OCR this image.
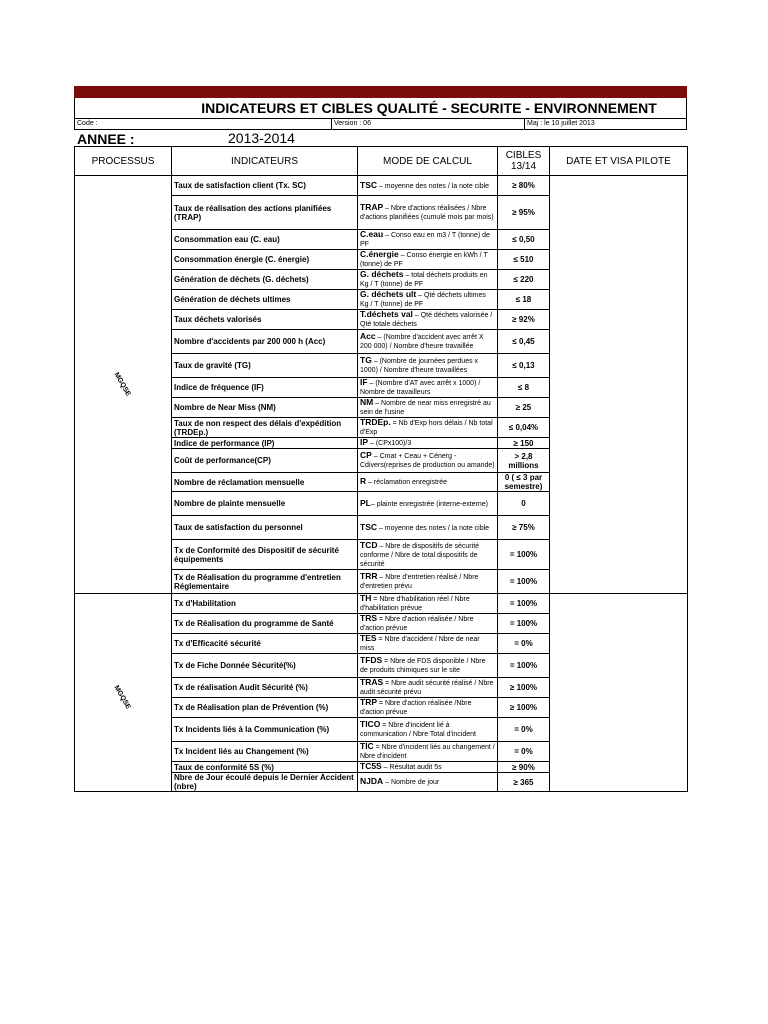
INDICATEURS ET CIBLES QUALITÉ - SECURITE - ENVIRONNEMENT
Code :	Version : 06	Maj : le 10 juillet 2013
ANNEE :	2013-2014
PROCESSUS	INDICATEURS	MODE DE CALCUL	CIBLES 13/14	DATE ET VISA PILOTE

MGQSE	Taux de satisfaction client (Tx. SC)	TSC – moyenne des notes / la note cible	≥ 80%	
	Taux de réalisation des actions planifiées (TRAP)	TRAP – Nbre d'actions réalisées / Nbre d'actions planifiées (cumulé mois par mois)	≥ 95%	
	Consommation eau (C. eau)	C.eau – Conso eau en m3 / T (tonne) de PF	≤ 0,50	
	Consommation énergie (C. énergie)	C.énergie – Conso énergie en kWh / T (tonne) de PF	≤ 510	
	Génération de déchets (G. déchets)	G. déchets – total déchets produits en Kg / T (tonne) de PF	≤ 220	
	Génération de déchets ultimes	G. déchets ult – Qté déchets ultimes Kg / T (tonne) de PF	≤ 18	
	Taux déchets valorisés	T.déchets val – Qté déchets valorisée / Qté totale déchets	≥ 92%	
	Nombre d'accidents par 200 000 h (Acc)	Acc – (Nombre d'accident avec arrêt X 200 000) / Nombre d'heure travaillée	≤ 0,45	
	Taux de gravité (TG)	TG – (Nombre de journées perdues x 1000) / Nombre d'heure travaillées	≤ 0,13	
	Indice de fréquence (IF)	IF – (Nombre d'AT avec arrêt x 1000) / Nombre de travailleurs	≤ 8	
	Nombre de Near Miss (NM)	NM – Nombre de near miss enregistré au sein de l'usine	≥ 25	
	Taux de non respect des délais d'expédition (TRDEp.)	TRDEp. = Nb d'Exp hors délais / Nb total d'Exp	≤ 0,04%	
	Indice de performance (IP)	IP – (CPx100)/3	≥ 150	
	Coût de performance(CP)	CP – Cmat + Ceau + Cénerg - Cdivers(reprises de production ou amande)	> 2,8 millions	
	Nombre de réclamation mensuelle	R – réclamation enregistrée	0 ( ≤ 3 par semestre)	
	Nombre de plainte mensuelle	PL– plainte enregistrée (interne-externe)	0	
	Taux de satisfaction du personnel	TSC – moyenne des notes / la note cible	≥ 75%	
	Tx de Conformité des Dispositif de sécurité équipements	TCD – Nbre de dispositifs de sécurité conforme / Nbre de total dispositifs de sécurité	= 100%	
	Tx de Réalisation du programme d'entretien Réglementaire	TRR – Nbre d'entretien réalisé / Nbre d'entretien prévu	= 100%	

MGQSE	Tx d'Habilitation	TH = Nbre d'habilitation réel / Nbre d'habilitation prévue	= 100%	
	Tx de Réalisation du programme de Santé	TRS = Nbre d'action réalisée / Nbre d'action prévue	= 100%	
	Tx d'Efficacité sécurité	TES = Nbre d'accident / Nbre de near miss	= 0%	
	Tx de Fiche Donnée Sécurité(%)	TFDS = Nbre de FDS disponible / Nbre de produits chimiques sur le site	= 100%	
	Tx de réalisation Audit Sécurité (%)	TRAS = Nbre audit sécurité réalisé / Nbre audit sécurité prévu	≥ 100%	
	Tx de Réalisation plan de Prévention (%)	TRP = Nbre d'action réalisée /Nbre d'action prévue	≥ 100%	
	Tx Incidents liés à la Communication (%)	TICO = Nbre d'incident lié à communication / Nbre Total d'incident	= 0%	
	Tx Incident liés au Changement (%)	TIC = Nbre d'incident liés au changement / Nbre d'incident	= 0%	
	Taux de conformité 5S (%)	TC5S – Résultat audit 5s	≥ 90%	
	Nbre de Jour écoulé depuis le Dernier Accident (nbre)	NJDA – Nombre de jour	≥ 365	
